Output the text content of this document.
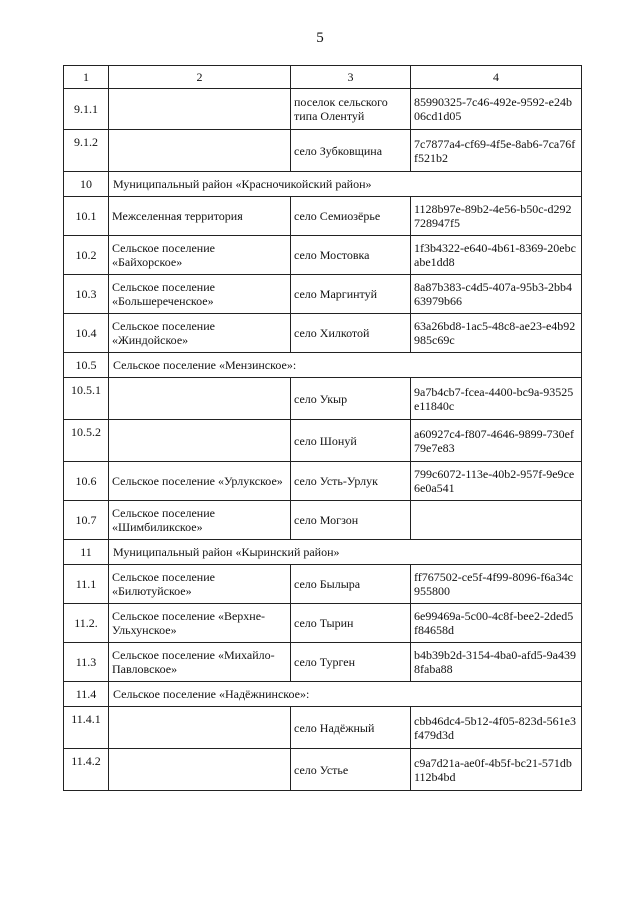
5
1	2	3	4
9.1.1		поселок сельского типа Олентуй	85990325-7c46-492e-9592-e24b06cd1d05
9.1.2		село Зубковщина	7c7877a4-cf69-4f5e-8ab6-7ca76ff521b2
10	Муниципальный район «Красночикойский район»		
10.1	Межселенная территория	село Семиозёрье	1128b97e-89b2-4e56-b50c-d292728947f5
10.2	Сельское поселение «Байхорское»	село Мостовка	1f3b4322-e640-4b61-8369-20ebcabe1dd8
10.3	Сельское поселение «Большереченское»	село Маргинтуй	8a87b383-c4d5-407a-95b3-2bb463979b66
10.4	Сельское поселение «Жиндойское»	село Хилкотой	63a26bd8-1ac5-48c8-ae23-e4b92985c69c
10.5	Сельское поселение «Мензинское»:		
10.5.1		село Укыр	9a7b4cb7-fcea-4400-bc9a-93525e11840c
10.5.2		село Шонуй	a60927c4-f807-4646-9899-730ef79e7e83
10.6	Сельское поселение «Урлукское»	село Усть-Урлук	799c6072-113e-40b2-957f-9e9ce6e0a541
10.7	Сельское поселение «Шимбиликское»	село Могзон	
11	Муниципальный район «Кыринский район»		
11.1	Сельское поселение «Билютуйское»	село Былыра	ff767502-ce5f-4f99-8096-f6a34c955800
11.2.	Сельское поселение «Верхне-Ульхунское»	село Тырин	6e99469a-5c00-4c8f-bee2-2ded5f84658d
11.3	Сельское поселение «Михайло-Павловское»	село Турген	b4b39b2d-3154-4ba0-afd5-9a4398faba88
11.4	Сельское поселение «Надёжнинское»:		
11.4.1		село Надёжный	cbb46dc4-5b12-4f05-823d-561e3f479d3d
11.4.2		село Устье	c9a7d21a-ae0f-4b5f-bc21-571db112b4bd
